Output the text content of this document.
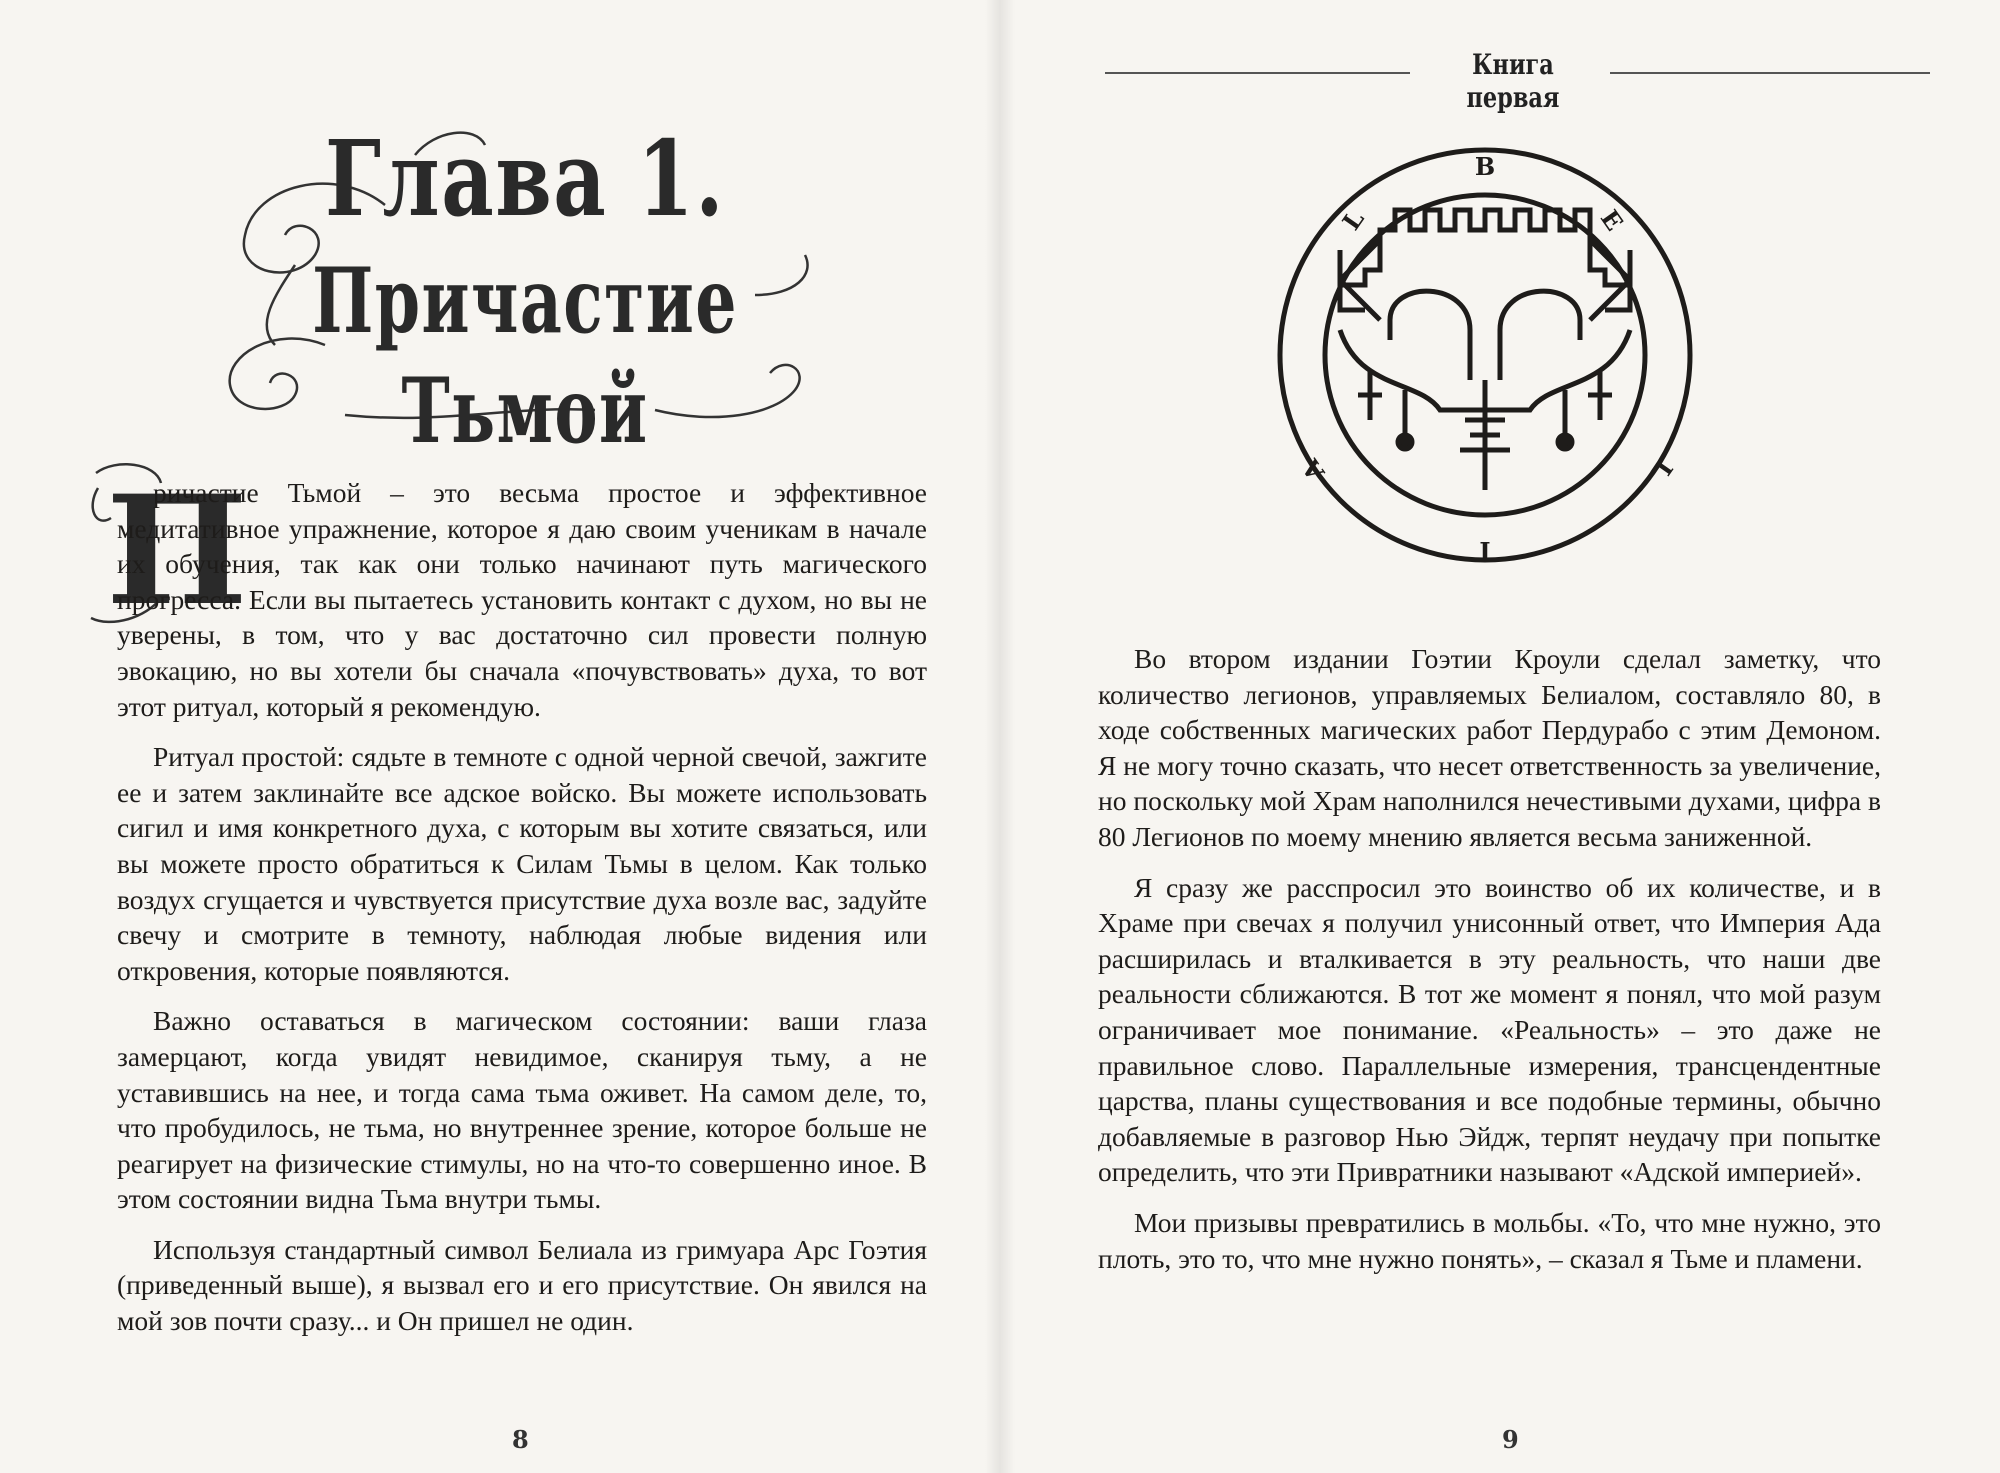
Глава 1.
Причастие Тьмой
П

ричастие Тьмой – это весьма простое и эффективное медитативное упражнение, которое я даю своим ученикам в начале их обучения, так как они только начинают путь магического прогресса. Если вы пытаетесь установить контакт с духом, но вы не уверены, в том, что у вас достаточно сил провести полную эвокацию, но вы хотели бы сначала «почувствовать» духа, то вот этот ритуал, который я рекомендую.

Ритуал простой: сядьте в темноте с одной черной свечой, зажгите ее и затем заклинайте все адское войско. Вы можете использовать сигил и имя конкретного духа, с которым вы хотите связаться, или вы можете просто обратиться к Силам Тьмы в целом. Как только воздух сгущается и чувствуется присутствие духа возле вас, задуйте свечу и смотрите в темноту, наблюдая любые видения или откровения, которые появляются.

Важно оставаться в магическом состоянии: ваши глаза замерцают, когда увидят невидимое, сканируя тьму, а не уставившись на нее, и тогда сама тьма оживет. На самом деле, то, что пробудилось, не тьма, но внутреннее зрение, которое больше не реагирует на физические стимулы, но на что-то совершенно иное. В этом состоянии видна Тьма внутри тьмы.

Используя стандартный символ Белиала из гримуара Арс Гоэтия (приведенный выше), я вызвал его и его присутствие. Он явился на мой зов почти сразу... и Он пришел не один.

8
Книга первая
B
E
L
I
A
L

Во втором издании Гоэтии Кроули сделал заметку, что количество легионов, управляемых Белиалом, составляло 80, в ходе собственных магических работ Пердурабо с этим Демоном. Я не могу точно сказать, что несет ответственность за увеличение, но поскольку мой Храм наполнился нечестивыми духами, цифра в 80 Легионов по моему мнению является весьма заниженной.

Я сразу же расспросил это воинство об их количестве, и в Храме при свечах я получил унисонный ответ, что Империя Ада расширилась и вталкивается в эту реальность, что наши две реальности сближаются. В тот же момент я понял, что мой разум ограничивает мое понимание. «Реальность» – это даже не правильное слово. Параллельные измерения, трансцендентные царства, планы существования и все подобные термины, обычно добавляемые в разговор Нью Эйдж, терпят неудачу при попытке определить, что эти Привратники называют «Адской империей».

Мои призывы превратились в мольбы. «То, что мне нужно, это плоть, это то, что мне нужно понять», – сказал я Тьме и пламени.

9
